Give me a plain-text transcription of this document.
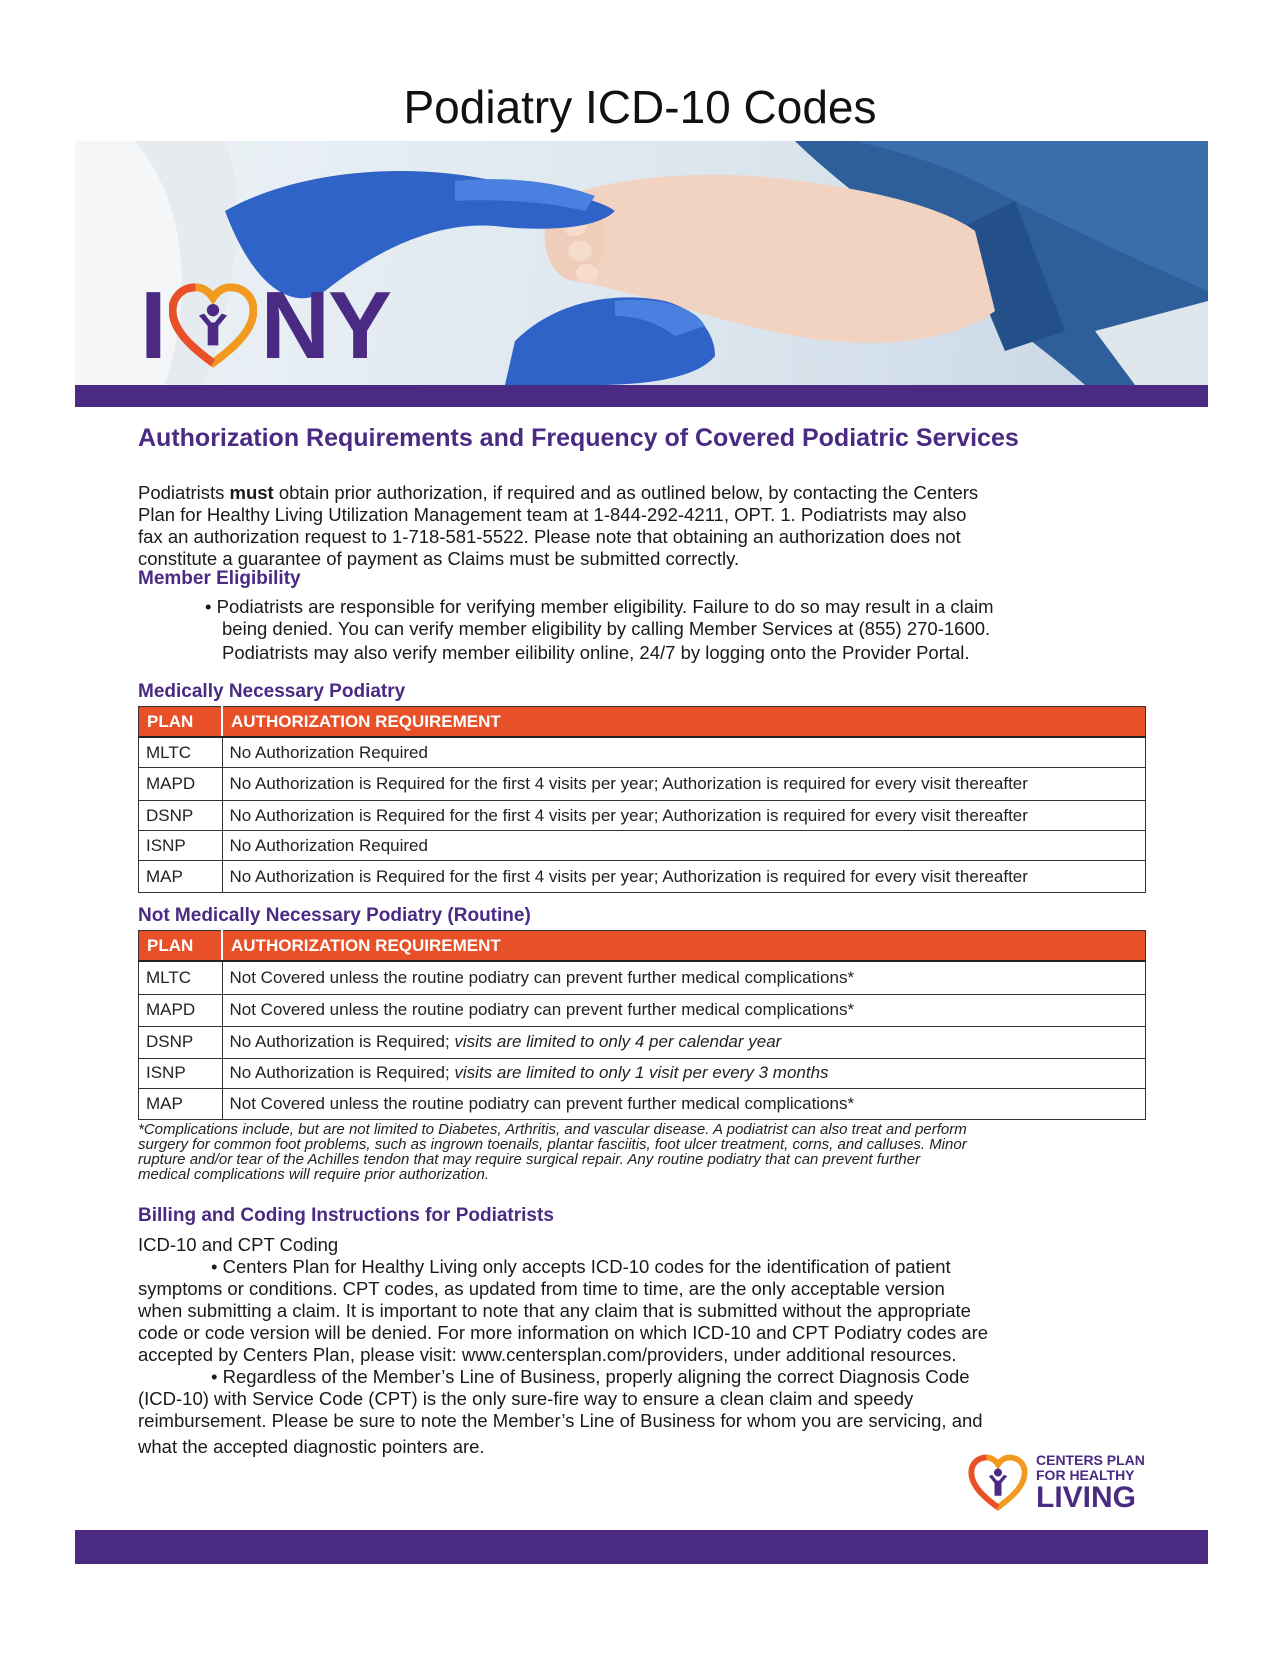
Podiatry ICD-10 Codes
I NY
Authorization Requirements and Frequency of Covered Podiatric Services
Podiatrists must obtain prior authorization, if required and as outlined below, by contacting the Centers
Plan for Healthy Living Utilization Management team at 1-844-292-4211, OPT. 1. Podiatrists may also
fax an authorization request to 1-718-581-5522. Please note that obtaining an authorization does not
constitute a guarantee of payment as Claims must be submitted correctly.
Member Eligibility
• Podiatrists are responsible for verifying member eligibility. Failure to do so may result in a claim
being denied. You can verify member eligibility by calling Member Services at (855) 270-1600.
Podiatrists may also verify member eilibility online, 24/7 by logging onto the Provider Portal.
Medically Necessary Podiatry
PLAN	AUTHORIZATION REQUIREMENT
MLTC	No Authorization Required
MAPD	No Authorization is Required for the first 4 visits per year; Authorization is required for every visit thereafter
DSNP	No Authorization is Required for the first 4 visits per year; Authorization is required for every visit thereafter
ISNP	No Authorization Required
MAP	No Authorization is Required for the first 4 visits per year; Authorization is required for every visit thereafter
Not Medically Necessary Podiatry (Routine)
PLAN	AUTHORIZATION REQUIREMENT
MLTC	Not Covered unless the routine podiatry can prevent further medical complications*
MAPD	Not Covered unless the routine podiatry can prevent further medical complications*
DSNP	No Authorization is Required; visits are limited to only 4 per calendar year
ISNP	No Authorization is Required; visits are limited to only 1 visit per every 3 months
MAP	Not Covered unless the routine podiatry can prevent further medical complications*
*Complications include, but are not limited to Diabetes, Arthritis, and vascular disease. A podiatrist can also treat and perform
surgery for common foot problems, such as ingrown toenails, plantar fasciitis, foot ulcer treatment, corns, and calluses. Minor
rupture and/or tear of the Achilles tendon that may require surgical repair. Any routine podiatry that can prevent further
medical complications will require prior authorization.
Billing and Coding Instructions for Podiatrists
ICD-10 and CPT Coding
• Centers Plan for Healthy Living only accepts ICD-10 codes for the identification of patient
symptoms or conditions. CPT codes, as updated from time to time, are the only acceptable version
when submitting a claim. It is important to note that any claim that is submitted without the appropriate
code or code version will be denied. For more information on which ICD-10 and CPT Podiatry codes are
accepted by Centers Plan, please visit: www.centersplan.com/providers, under additional resources.
• Regardless of the Member’s Line of Business, properly aligning the correct Diagnosis Code
(ICD-10) with Service Code (CPT) is the only sure-fire way to ensure a clean claim and speedy
reimbursement. Please be sure to note the Member’s Line of Business for whom you are servicing, and
what the accepted diagnostic pointers are.
CENTERS PLAN
FOR HEALTHY
LIVING
